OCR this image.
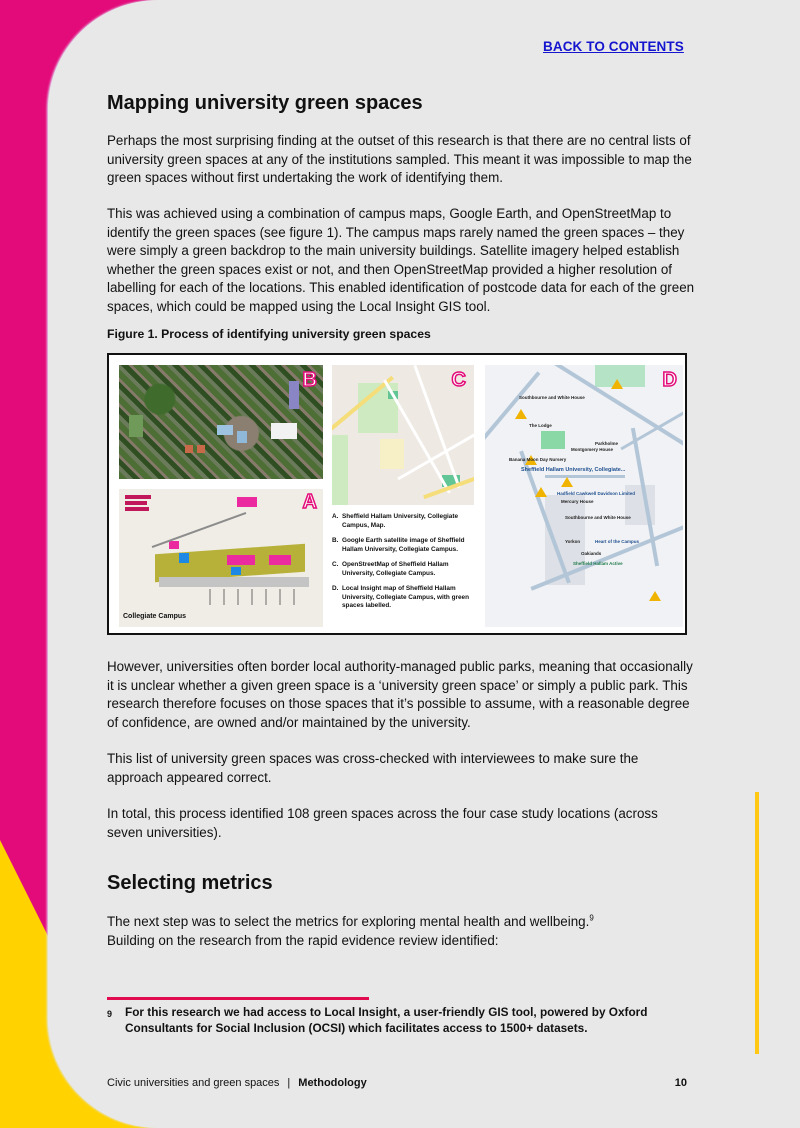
BACK TO CONTENTS
Mapping university green spaces

Perhaps the most surprising finding at the outset of this research is that there are no central lists of university green spaces at any of the institutions sampled. This meant it was impossible to map the green spaces without first undertaking the work of identifying them.

This was achieved using a combination of campus maps, Google Earth, and OpenStreetMap to identify the green spaces (see figure 1). The campus maps rarely named the green spaces – they were simply a green backdrop to the main university buildings. Satellite imagery helped establish whether the green spaces exist or not, and then OpenStreetMap provided a higher resolution of labelling for each of the locations. This enabled identification of postcode data for each of the green spaces, which could be mapped using the Local Insight GIS tool.

Figure 1. Process of identifying university green spaces

B
Collegiate Campus
A
C
A. Sheffield Hallam University, Collegiate Campus, Map.
B. Google Earth satellite image of Sheffield Hallam University, Collegiate Campus.
C. OpenStreetMap of Sheffield Hallam University, Collegiate Campus.
D. Local Insight map of Sheffield Hallam University, Collegiate Campus, with green spaces labelled.
Southbourne and White House
The Lodge
Parkholme
Montgomery House
Banana Moon Day Nursery
Sheffield Hallam University, Collegiate...
Hadfield Cawkwell Davidson Limited
Mercury House
Southbourne and White House
Yorkon	Heart of the Campus
Oakiands
Sheffield Hallam Active
D

However, universities often border local authority-managed public parks, meaning that occasionally it is unclear whether a given green space is a ‘university green space’ or simply a public park. This research therefore focuses on those spaces that it’s possible to assume, with a reasonable degree of confidence, are owned and/or maintained by the university.

This list of university green spaces was cross-checked with interviewees to make sure the approach appeared correct.

In total, this process identified 108 green spaces across the four case study locations (across seven universities).

Selecting metrics

The next step was to select the metrics for exploring mental health and wellbeing.$^9$
Building on the research from the rapid evidence review identified:

9	For this research we had access to Local Insight, a user-friendly GIS tool, powered by Oxford Consultants for Social Inclusion (OCSI) which facilitates access to 1500+ datasets.
Civic universities and green spaces | Methodology	10
